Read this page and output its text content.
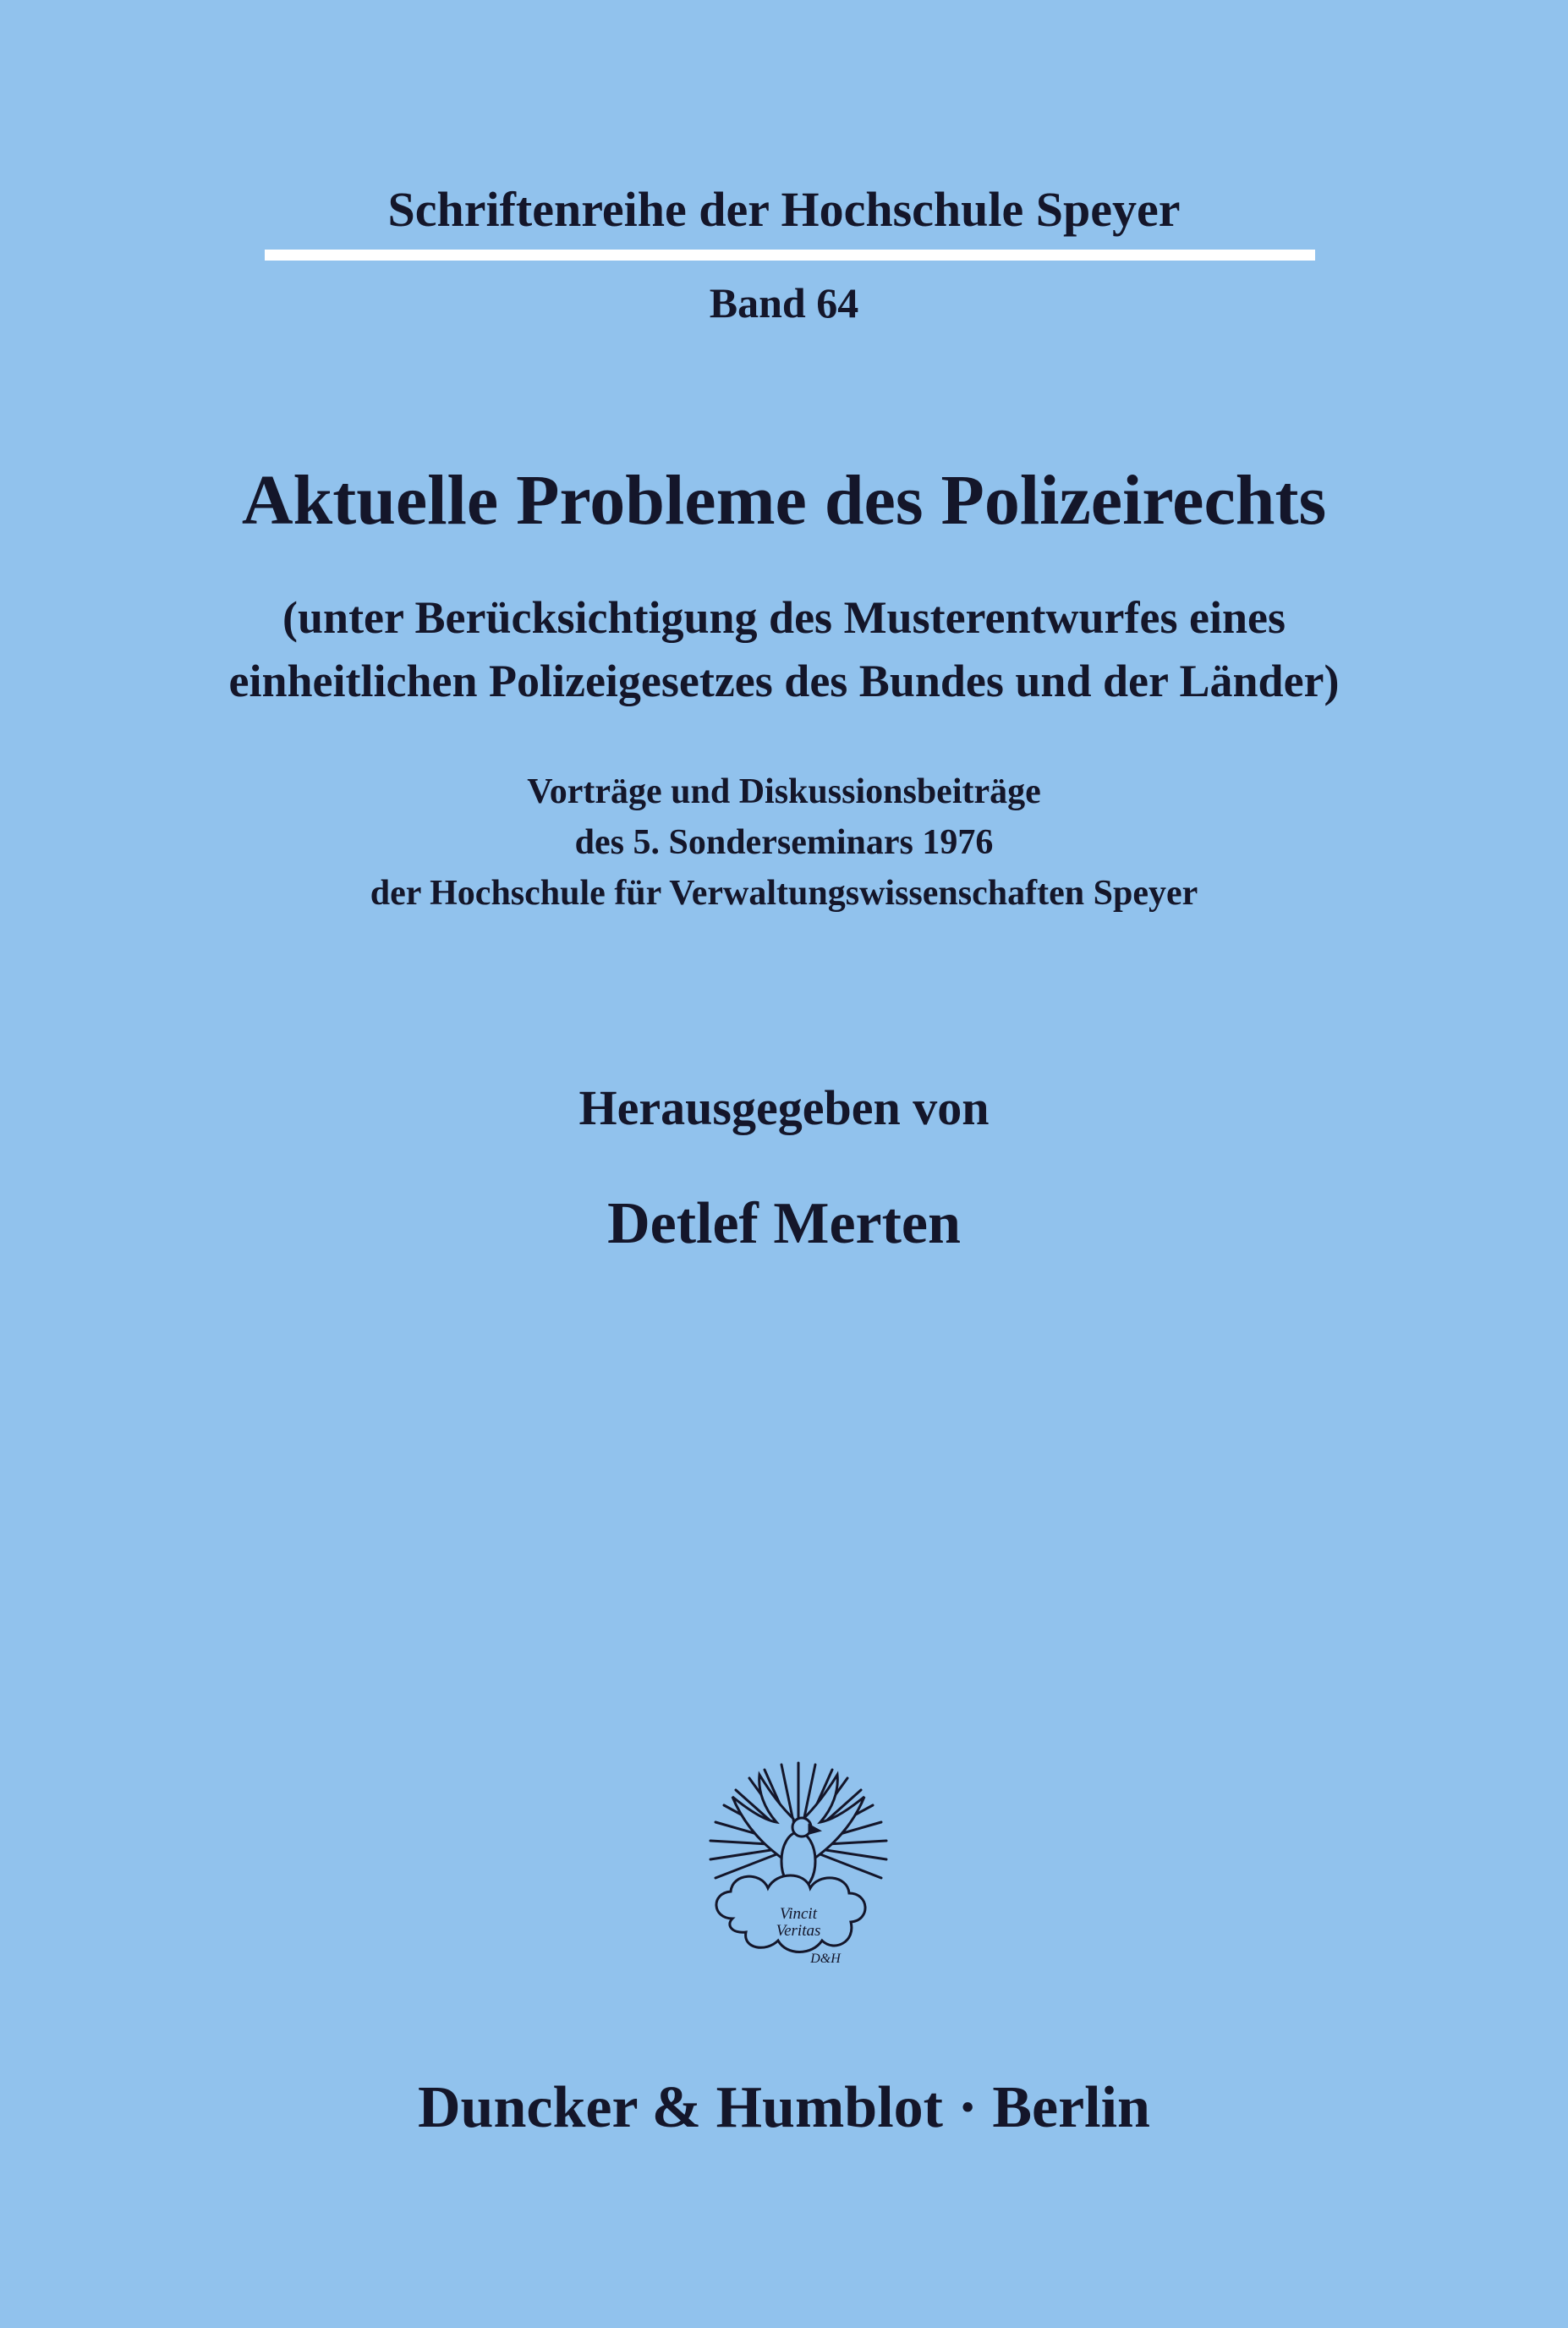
Schriftenreihe der Hochschule Speyer
Band 64
Aktuelle Probleme des Polizeirechts
(unter Berücksichtigung des Musterentwurfes eines
einheitlichen Polizeigesetzes des Bundes und der Länder)
Vorträge und Diskussionsbeiträge
des 5. Sonderseminars 1976
der Hochschule für Verwaltungswissenschaften Speyer
Herausgegeben von
Detlef Merten
Vincit
Veritas
D&H
Duncker & Humblot · Berlin
